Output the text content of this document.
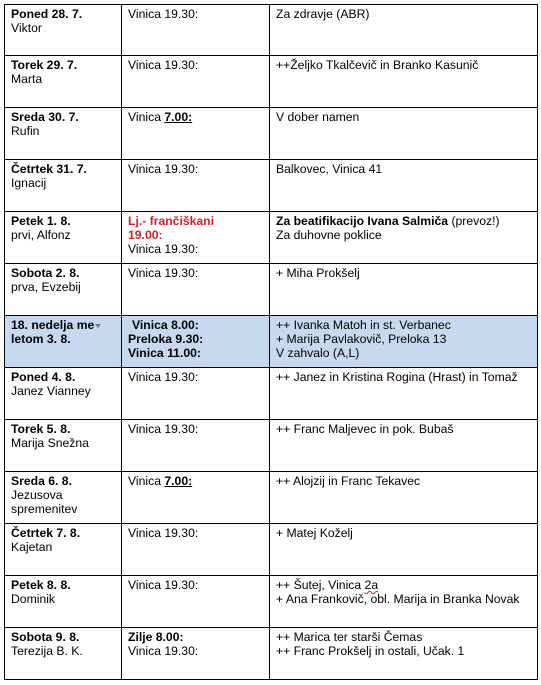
Poned 28. 7.
Viktor	Vinica 19.30:	Za zdravje (ABR)

Torek 29. 7.
Marta	Vinica 19.30:	++Željko Tkalčevič in Branko Kasunič

Sreda 30. 7.
Rufin	Vinica 7.00:	V dober namen

Četrtek 31. 7.
Ignacij	Vinica 19.30:	Balkovec, Vinica 41

Petek 1. 8.
prvi, Alfonz	Lj.- frančiškani
19.00:
Vinica 19.30:	Za beatifikacijo Ivana Salmiča (prevoz!)
Za duhovne poklice

Sobota 2. 8.
prva, Evzebij	Vinica 19.30:	+ Miha Prokšelj

18. nedelja me
letom 3. 8.	Vinica 8.00:
Preloka 9.30:
Vinica 11.00:	++ Ivanka Matoh in st. Verbanec
+ Marija Pavlakovič, Preloka 13
V zahvalo (A,L)

Poned 4. 8.
Janez Vianney	Vinica 19.30:	++ Janez in Kristina Rogina (Hrast) in Tomaž

Torek 5. 8.
Marija Snežna	Vinica 19.30:	++ Franc Maljevec in pok. Bubaš

Sreda 6. 8.
Jezusova spremenitev	Vinica 7.00:	++ Alojzij in Franc Tekavec

Četrtek 7. 8.
Kajetan	Vinica 19.30:	+ Matej Koželj

Petek 8. 8.
Dominik	Vinica 19.30:	++ Šutej, Vinica 2a
+ Ana Frankovič, obl. Marija in Branka Novak

Sobota 9. 8.
Terezija B. K.	Zilje 8.00:
Vinica 19.30:	++ Marica ter starši Čemas
++ Franc Prokšelj in ostali, Učak. 1
